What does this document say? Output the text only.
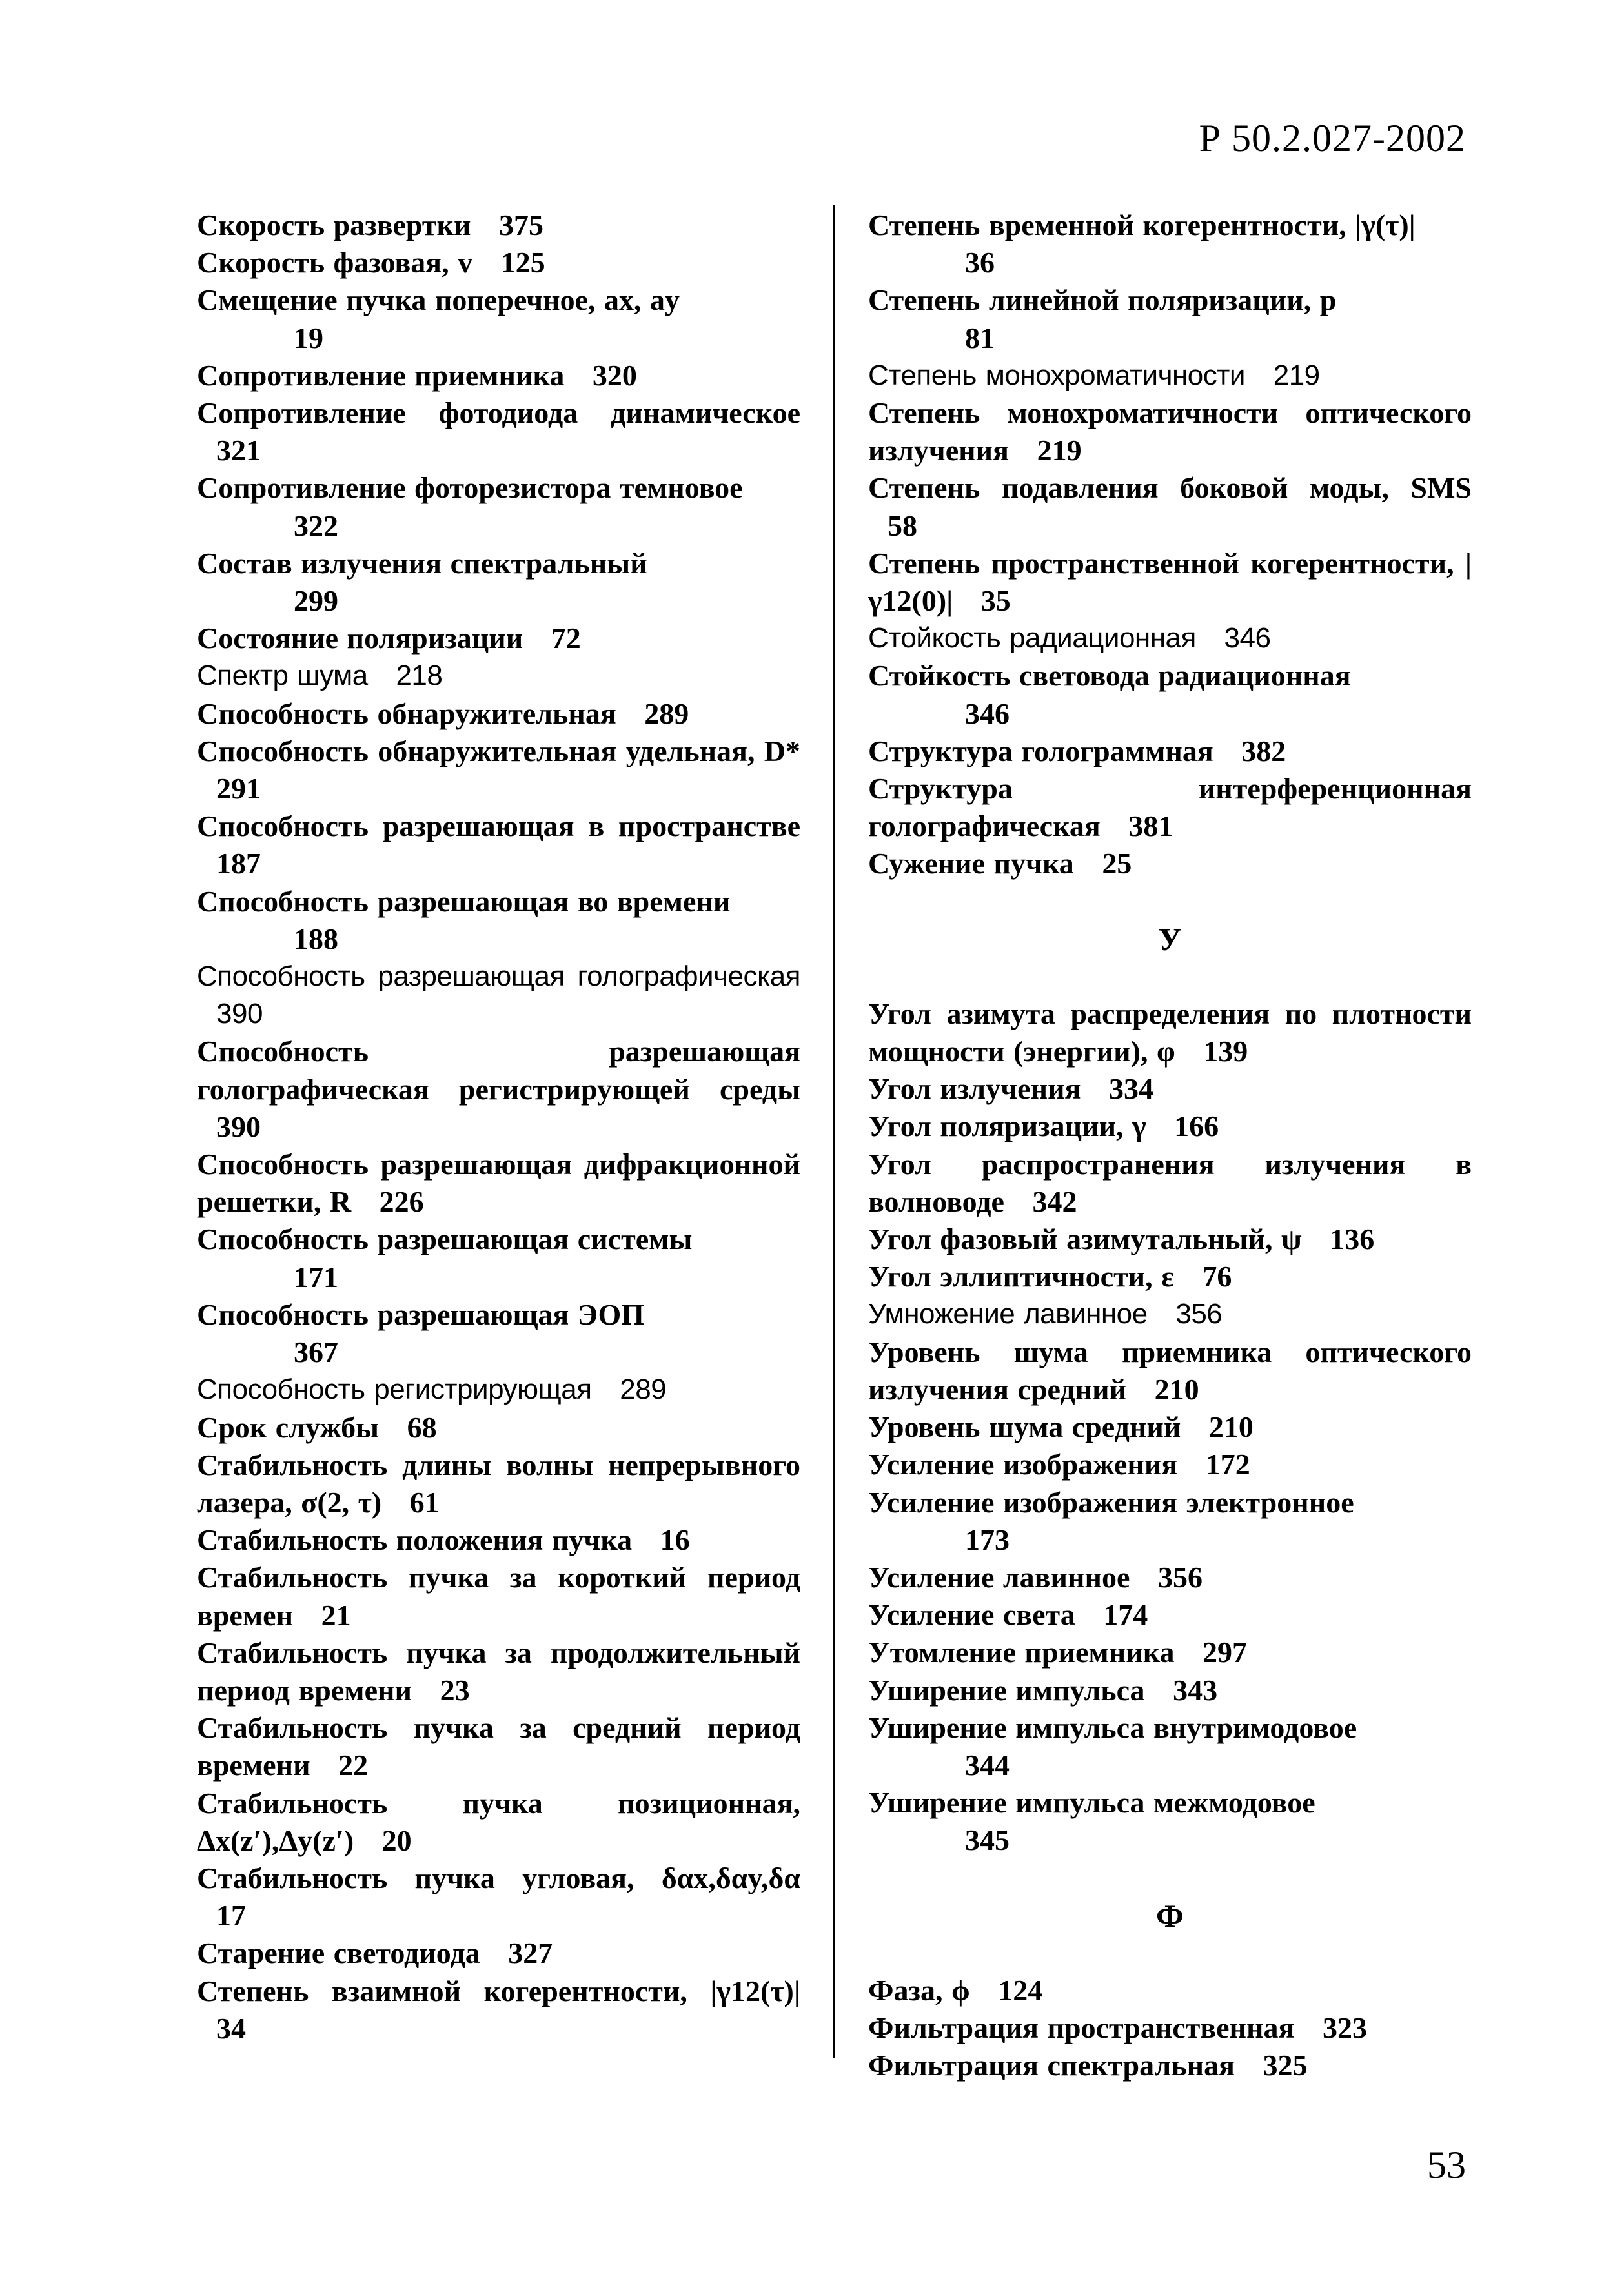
Р 50.2.027-2002

Скорость развертки 375

Скорость фазовая, v 125

Смещение пучка поперечное, ax, ay
19

Сопротивление приемника 320

Сопротивление фотодиода динамическое 321

Сопротивление фоторезистора темновое
322

Состав излучения спектральный
299

Состояние поляризации 72

Спектр шума 218

Способность обнаружительная 289

Способность обнаружительная удельная, D* 291

Способность разрешающая в пространстве 187

Способность разрешающая во времени
188

Способность разрешающая голографическая 390

Способность разрешающая голографическая регистрирующей среды 390

Способность разрешающая дифракционной решетки, R 226

Способность разрешающая системы
171

Способность разрешающая ЭОП
367

Способность регистрирующая 289

Срок службы 68

Стабильность длины волны непрерывного лазера, σ(2, τ) 61

Стабильность положения пучка 16

Стабильность пучка за короткий период времен 21

Стабильность пучка за продолжительный период времени 23

Стабильность пучка за средний период времени 22

Стабильность пучка позиционная, Δx(z′),Δy(z′) 20

Стабильность пучка угловая, δαx,δαy,δα 17

Старение светодиода 327

Степень взаимной когерентности, |γ12(τ)| 34

Степень временной когерентности, |γ(τ)|
36

Степень линейной поляризации, p
81

Степень монохроматичности 219

Степень монохроматичности оптического излучения 219

Степень подавления боковой моды, SMS 58

Степень пространственной когерентности, |γ12(0)| 35

Стойкость радиационная 346

Стойкость световода радиационная
346

Структура голограммная 382

Структура интерференционная голографическая 381

Сужение пучка 25

У

Угол азимута распределения по плотности мощности (энергии), φ 139

Угол излучения 334

Угол поляризации, γ 166

Угол распространения излучения в волноводе 342

Угол фазовый азимутальный, ψ 136

Угол эллиптичности, ε 76

Умножение лавинное 356

Уровень шума приемника оптического излучения средний 210

Уровень шума средний 210

Усиление изображения 172

Усиление изображения электронное
173

Усиление лавинное 356

Усиление света 174

Утомление приемника 297

Уширение импульса 343

Уширение импульса внутримодовое
344

Уширение импульса межмодовое
345

Ф

Фаза, ϕ 124

Фильтрация пространственная 323

Фильтрация спектральная 325

53
